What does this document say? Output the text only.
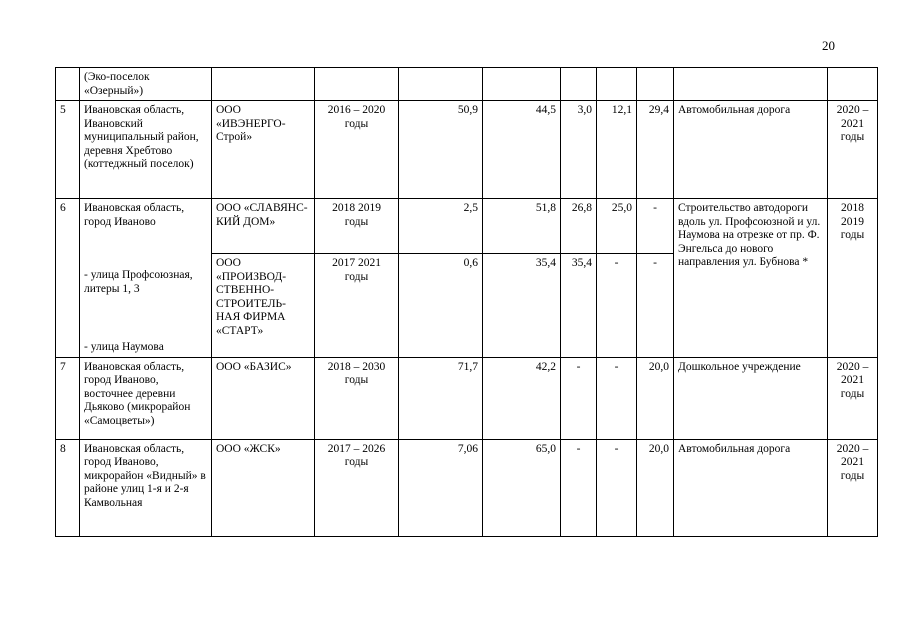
20
	(Эко-поселок «Озерный»)									
5	Ивановская область, Ивановский муниципальный район, деревня Хребтово (коттеджный поселок)	ООО «ИВЭНЕРГО-Строй»	2016 – 2020 годы	50,9	44,5	3,0	12,1	29,4	Автомобильная дорога	2020 – 2021 годы
6	Ивановская область, город Иваново
- улица Профсоюзная, литеры 1, 3
- улица Наумова	ООО «СЛАВЯНС-КИЙ ДОМ»	2018 2019 годы	2,5	51,8	26,8	25,0	-	Строительство автодороги вдоль ул. Профсоюзной и ул. Наумова на отрезке от пр. Ф. Энгельса до нового направления ул. Бубнова *	2018 2019 годы
		ООО «ПРОИЗВОД-СТВЕННО-СТРОИТЕЛЬ-НАЯ ФИРМА «СТАРТ»	2017 2021 годы	0,6	35,4	35,4	-	-		
7	Ивановская область, город Иваново, восточнее деревни Дьяково (микрорайон «Самоцветы»)	ООО «БАЗИС»	2018 – 2030 годы	71,7	42,2	-	-	20,0	Дошкольное учреждение	2020 – 2021 годы
8	Ивановская область, город Иваново, микрорайон «Видный» в районе улиц 1-я и 2-я Камвольная	ООО «ЖСК»	2017 – 2026 годы	7,06	65,0	-	-	20,0	Автомобильная дорога	2020 – 2021 годы
